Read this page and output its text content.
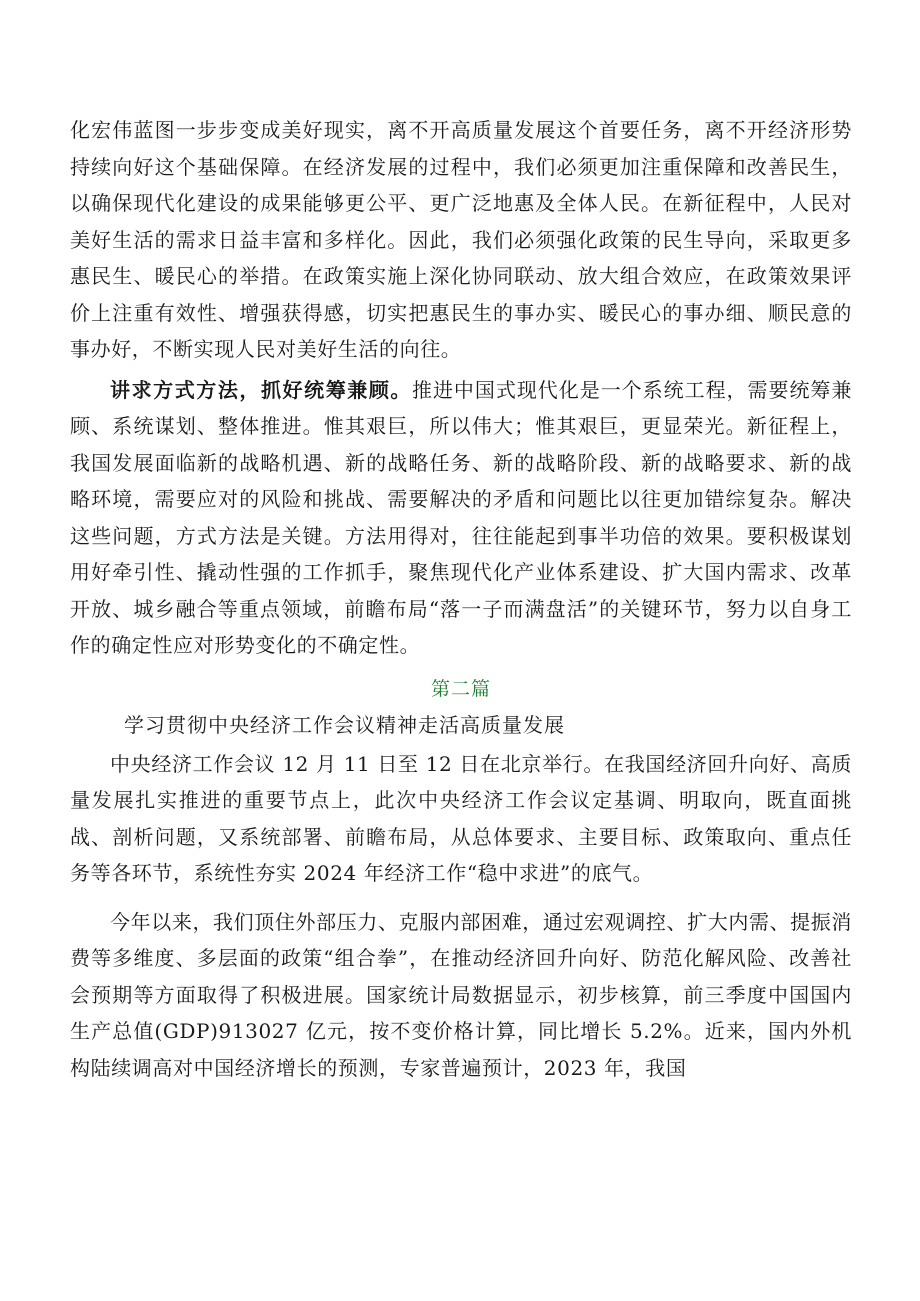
化宏伟蓝图一步步变成美好现实，离不开高质量发展这个首要任务，离不开经济形势持续向好这个基础保障。在经济发展的过程中，我们必须更加注重保障和改善民生，以确保现代化建设的成果能够更公平、更广泛地惠及全体人民。在新征程中，人民对美好生活的需求日益丰富和多样化。因此，我们必须强化政策的民生导向，采取更多惠民生、暖民心的举措。在政策实施上深化协同联动、放大组合效应，在政策效果评价上注重有效性、增强获得感，切实把惠民生的事办实、暖民心的事办细、顺民意的事办好，不断实现人民对美好生活的向往。

讲求方式方法，抓好统筹兼顾。推进中国式现代化是一个系统工程，需要统筹兼顾、系统谋划、整体推进。惟其艰巨，所以伟大；惟其艰巨，更显荣光。新征程上，我国发展面临新的战略机遇、新的战略任务、新的战略阶段、新的战略要求、新的战略环境，需要应对的风险和挑战、需要解决的矛盾和问题比以往更加错综复杂。解决这些问题，方式方法是关键。方法用得对，往往能起到事半功倍的效果。要积极谋划用好牵引性、撬动性强的工作抓手，聚焦现代化产业体系建设、扩大国内需求、改革开放、城乡融合等重点领域，前瞻布局“落一子而满盘活”的关键环节，努力以自身工作的确定性应对形势变化的不确定性。

第二篇
学习贯彻中央经济工作会议精神走活高质量发展

中央经济工作会议 12 月 11 日至 12 日在北京举行。在我国经济回升向好、高质量发展扎实推进的重要节点上，此次中央经济工作会议定基调、明取向，既直面挑战、剖析问题，又系统部署、前瞻布局，从总体要求、主要目标、政策取向、重点任务等各环节，系统性夯实 2024 年经济工作“稳中求进”的底气。

今年以来，我们顶住外部压力、克服内部困难，通过宏观调控、扩大内需、提振消费等多维度、多层面的政策“组合拳”，在推动经济回升向好、防范化解风险、改善社会预期等方面取得了积极进展。国家统计局数据显示，初步核算，前三季度中国国内生产总值(GDP)913027 亿元，按不变价格计算，同比增长 5.2%。近来，国内外机构陆续调高对中国经济增长的预测，专家普遍预计，2023 年，我国
